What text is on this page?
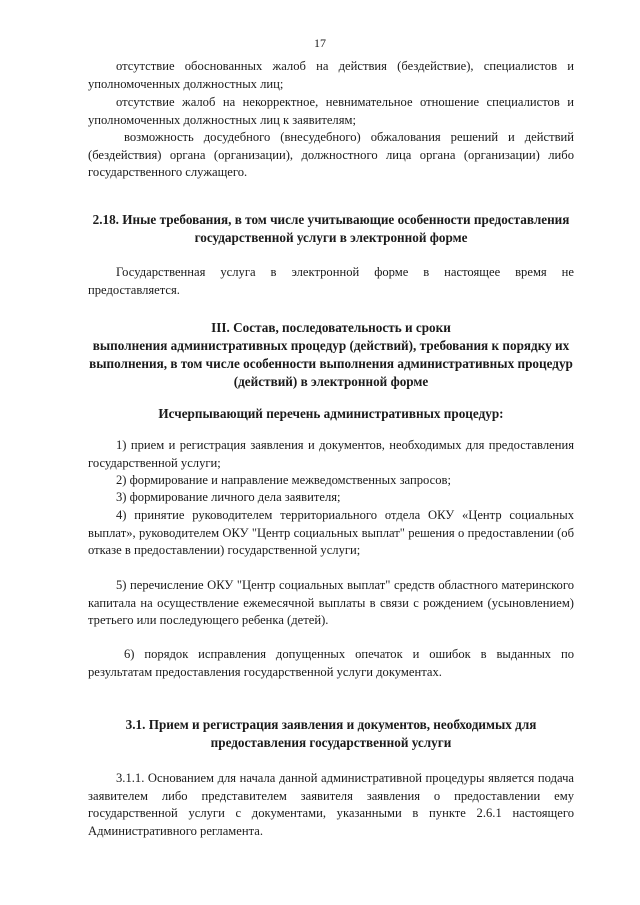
17
отсутствие обоснованных жалоб на действия (бездействие), специалистов и уполномоченных должностных лиц;
отсутствие жалоб на некорректное, невнимательное отношение специалистов и уполномоченных должностных лиц к заявителям;
возможность досудебного (внесудебного) обжалования решений и действий (бездействия) органа (организации), должностного лица органа (организации) либо государственного служащего.
2.18. Иные требования, в том числе учитывающие особенности предоставления государственной услуги в электронной форме
Государственная услуга в электронной форме в настоящее время не предоставляется.
III. Состав, последовательность и сроки
выполнения административных процедур (действий), требования к порядку их выполнения, в том числе особенности выполнения административных процедур (действий) в электронной форме
Исчерпывающий перечень административных процедур:
1) прием и регистрация заявления и документов, необходимых для предоставления государственной услуги;
2) формирование и направление межведомственных запросов;
3) формирование личного дела заявителя;
4) принятие руководителем территориального отдела ОКУ «Центр социальных выплат», руководителем ОКУ "Центр социальных выплат" решения о предоставлении (об отказе в предоставлении) государственной услуги;
5) перечисление ОКУ "Центр социальных выплат" средств областного материнского капитала на осуществление ежемесячной выплаты в связи с рождением (усыновлением) третьего или последующего ребенка (детей).
6) порядок исправления допущенных опечаток и ошибок в выданных по результатам предоставления государственной услуги документах.
3.1. Прием и регистрация заявления и документов, необходимых для предоставления государственной услуги
3.1.1. Основанием для начала данной административной процедуры является подача заявителем либо представителем заявителя заявления о предоставлении ему государственной услуги с документами, указанными в пункте 2.6.1 настоящего Административного регламента.
